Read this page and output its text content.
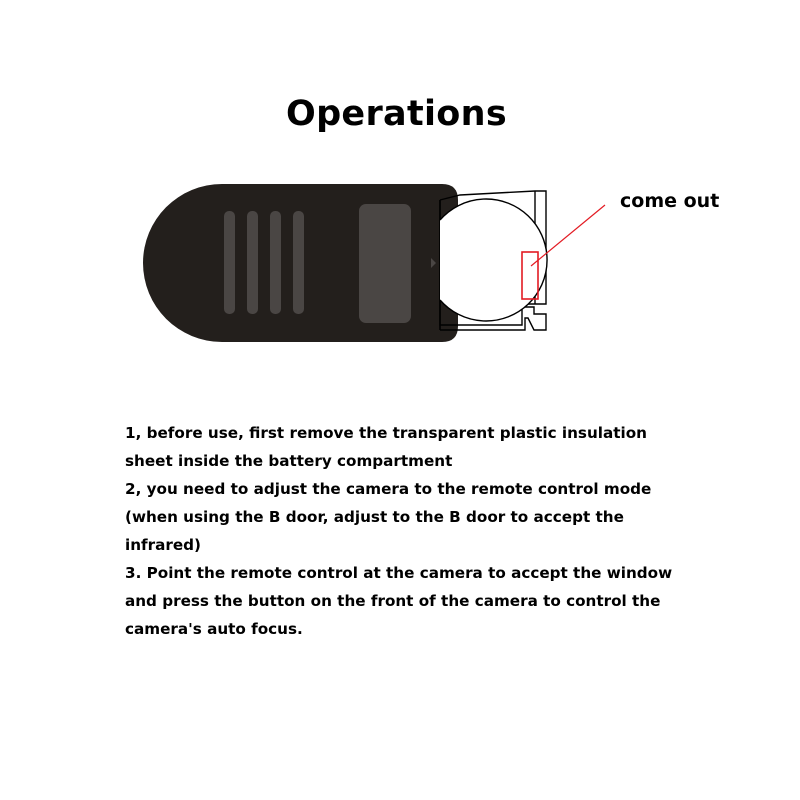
Operations
come out
1, before use, first remove the transparent plastic insulation
sheet inside the battery compartment
2, you need to adjust the camera to the remote control mode
(when using the B door, adjust to the B door to accept the
infrared)
3. Point the remote control at the camera to accept the window
and press the button on the front of the camera to control the
camera's auto focus.
